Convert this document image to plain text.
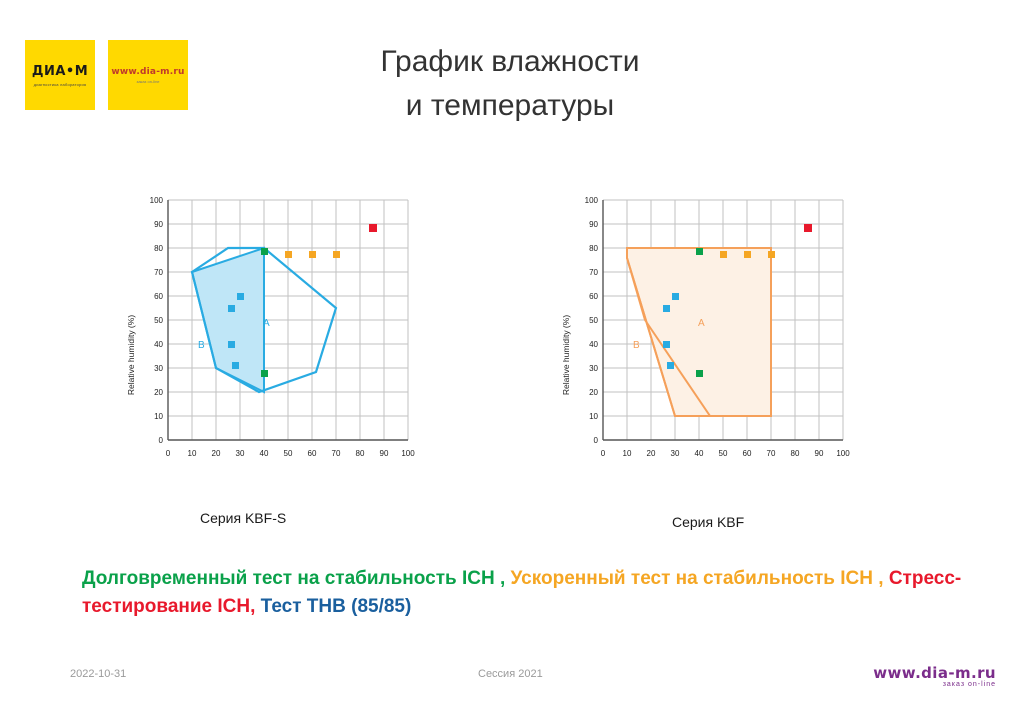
ДИА•М
диагностика лаборатория
www.dia-m.ru
заказ on-line
График влажности
и температуры
Relative humidity (%)
100
90
80
70
60
50
40
30
20
10
0
0 10 20 30 40 50 60 70 80 90 100
A
B
Серия KBF-S
Relative humidity (%)
100
90
80
70
60
50
40
30
20
10
0
0 10 20 30 40 50 60 70 80 90 100
A
B
Серия KBF
Долговременный тест на стабильность ICH , Ускоренный тест на стабильность ICH , Стресс-тестирование ICH, Тест THB (85/85)
2022-10-31	Сессия 2021	www.dia-m.ru
заказ on-line
